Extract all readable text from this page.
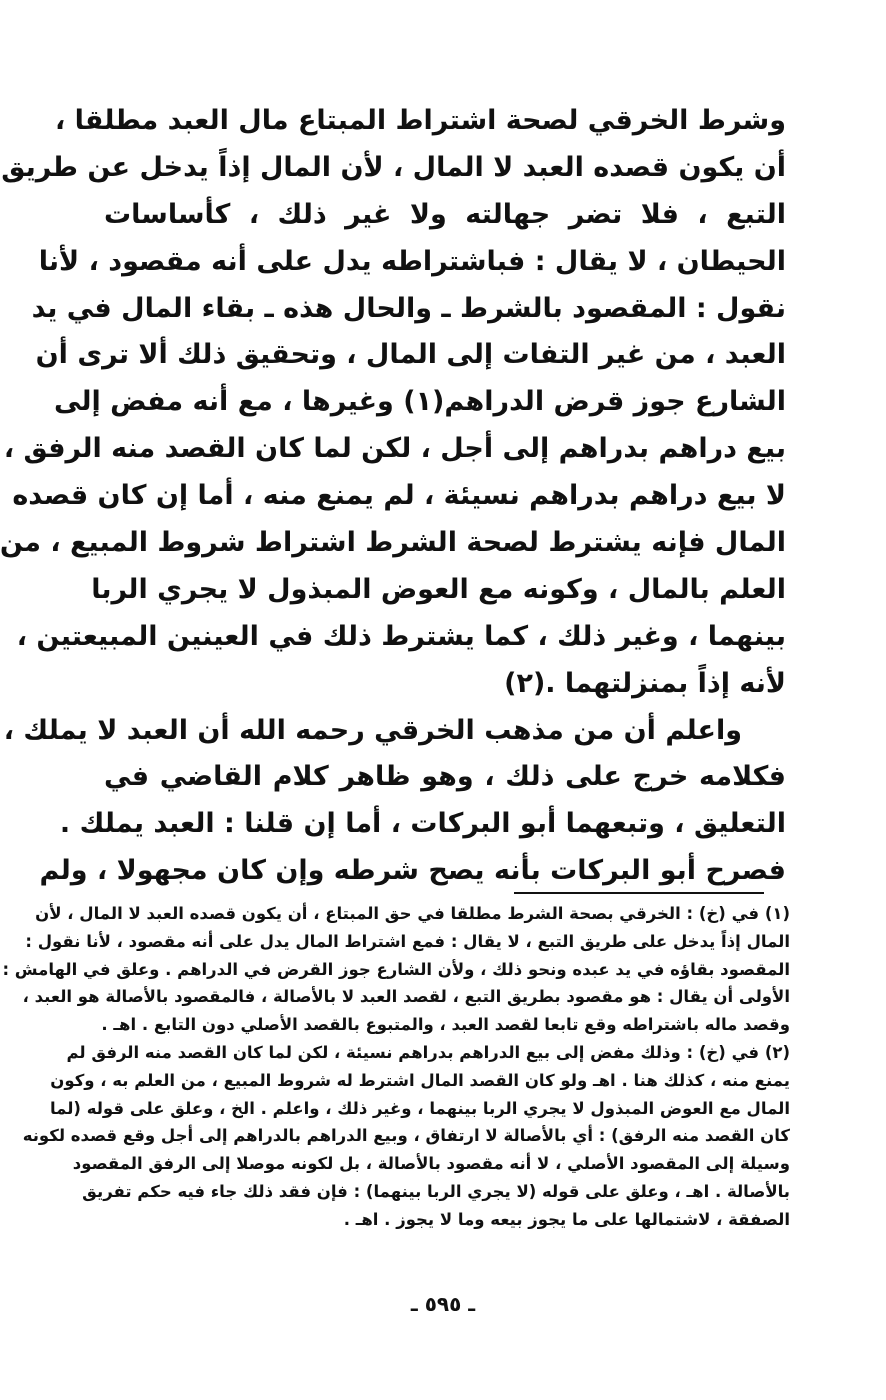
وشرط الخرقي لصحة اشتراط المبتاع مال العبد مطلقا ،
أن يكون قصده العبد لا المال ، لأن المال إذاً يدخل عن طريق
التبع ، فلا تضر جهالته ولا غير ذلك ، كأساسات
الحيطان ، لا يقال : فباشتراطه يدل على أنه مقصود ، لأنا
نقول : المقصود بالشرط ـ والحال هذه ـ بقاء المال في يد
العبد ، من غير التفات إلى المال ، وتحقيق ذلك ألا ترى أن
الشارع جوز قرض الدراهم(١) وغيرها ، مع أنه مفض إلى
بيع دراهم بدراهم إلى أجل ، لكن لما كان القصد منه الرفق ،
لا بيع دراهم بدراهم نسيئة ، لم يمنع منه ، أما إن كان قصده
المال فإنه يشترط لصحة الشرط اشتراط شروط المبيع ، من
العلم بالمال ، وكونه مع العوض المبذول لا يجري الربا
بينهما ، وغير ذلك ، كما يشترط ذلك في العينين المبيعتين ،
لأنه إذاً بمنزلتهما .(٢)
واعلم أن من مذهب الخرقي رحمه الله أن العبد لا يملك ،
فكلامه خرج على ذلك ، وهو ظاهر كلام القاضي في
التعليق ، وتبعهما أبو البركات ، أما إن قلنا : العبد يملك .
فصرح أبو البركات بأنه يصح شرطه وإن كان مجهولا ، ولم
(١) في (خ) : الخرقي بصحة الشرط مطلقا في حق المبتاع ، أن يكون قصده العبد لا المال ، لأن
المال إذاً يدخل على طريق التبع ، لا يقال : فمع اشتراط المال يدل على أنه مقصود ، لأنا نقول :
المقصود بقاؤه في يد عبده ونحو ذلك ، ولأن الشارع جوز القرض في الدراهم . وعلق في الهامش :
الأولى أن يقال : هو مقصود بطريق التبع ، لقصد العبد لا بالأصالة ، فالمقصود بالأصالة هو العبد ،
وقصد ماله باشتراطه وقع تابعا لقصد العبد ، والمتبوع بالقصد الأصلي دون التابع . اهـ .
(٢) في (خ) : وذلك مفض إلى بيع الدراهم بدراهم نسيئة ، لكن لما كان القصد منه الرفق لم
يمنع منه ، كذلك هنا . اهـ ولو كان القصد المال اشترط له شروط المبيع ، من العلم به ، وكون
المال مع العوض المبذول لا يجري الربا بينهما ، وغير ذلك ، واعلم . الخ ، وعلق على قوله (لما
كان القصد منه الرفق) : أي بالأصالة لا ارتفاق ، وبيع الدراهم بالدراهم إلى أجل وقع قصده لكونه
وسيلة إلى المقصود الأصلي ، لا أنه مقصود بالأصالة ، بل لكونه موصلا إلى الرفق المقصود
بالأصالة . اهـ ، وعلق على قوله (لا يجري الربا بينهما) : فإن فقد ذلك جاء فيه حكم تفريق
الصفقة ، لاشتمالها على ما يجوز بيعه وما لا يجوز . اهـ .
ـ ٥٩٥ ـ
